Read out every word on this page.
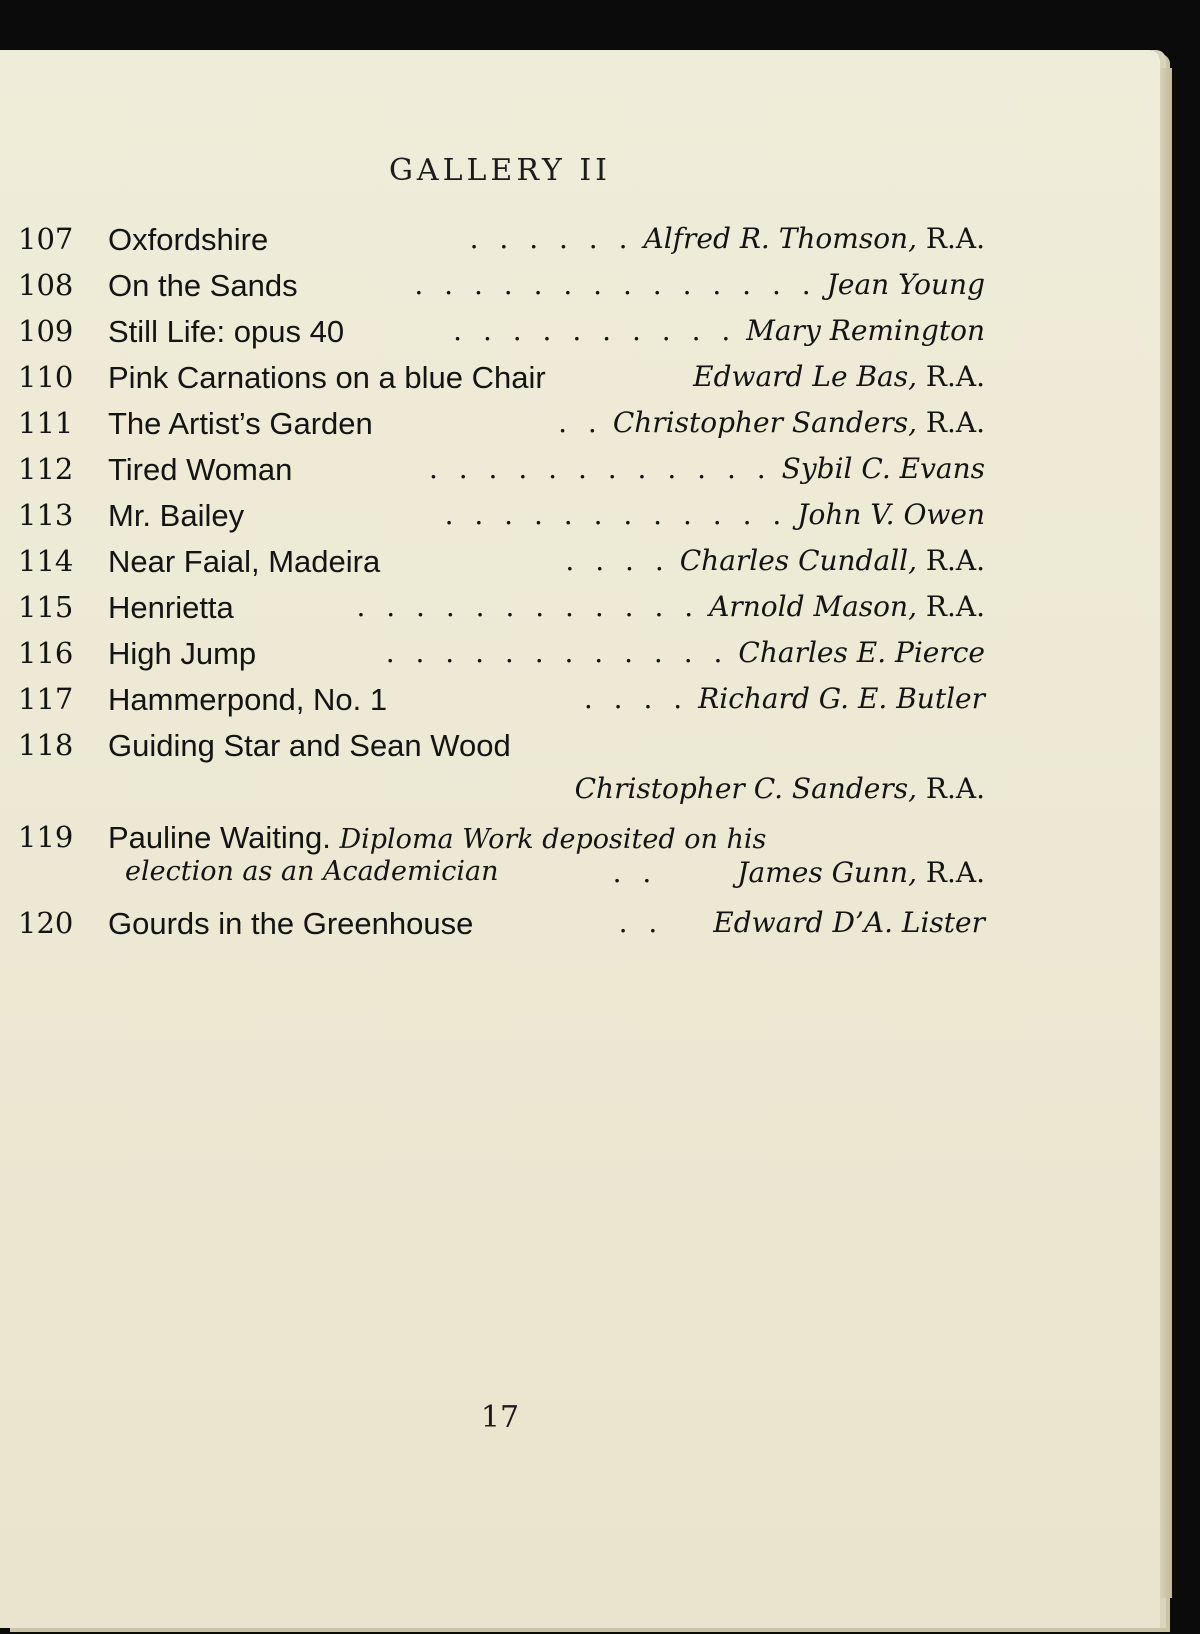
GALLERY II
107 Oxfordshire	. . . . . . Alfred R. Thomson, R.A.
108 On the Sands	. . . . . . . . . . . . . . Jean Young
109 Still Life: opus 40	. . . . . . . . . . Mary Remington
110 Pink Carnations on a blue Chair	Edward Le Bas, R.A.
111 The Artist’s Garden	. . Christopher Sanders, R.A.
112 Tired Woman	. . . . . . . . . . . . Sybil C. Evans
113 Mr. Bailey	. . . . . . . . . . . . John V. Owen
114 Near Faial, Madeira	. . . . Charles Cundall, R.A.
115 Henrietta	. . . . . . . . . . . . Arnold Mason, R.A.
116 High Jump	. . . . . . . . . . . . Charles E. Pierce
117 Hammerpond, No. 1	. . . . Richard G. E. Butler
118 Guiding Star and Sean Wood
Christopher C. Sanders, R.A.
119 Pauline Waiting. Diploma Work deposited on his
election as an Academician	. .	James Gunn, R.A.
120 Gourds in the Greenhouse	. . Edward D’A. Lister
17
